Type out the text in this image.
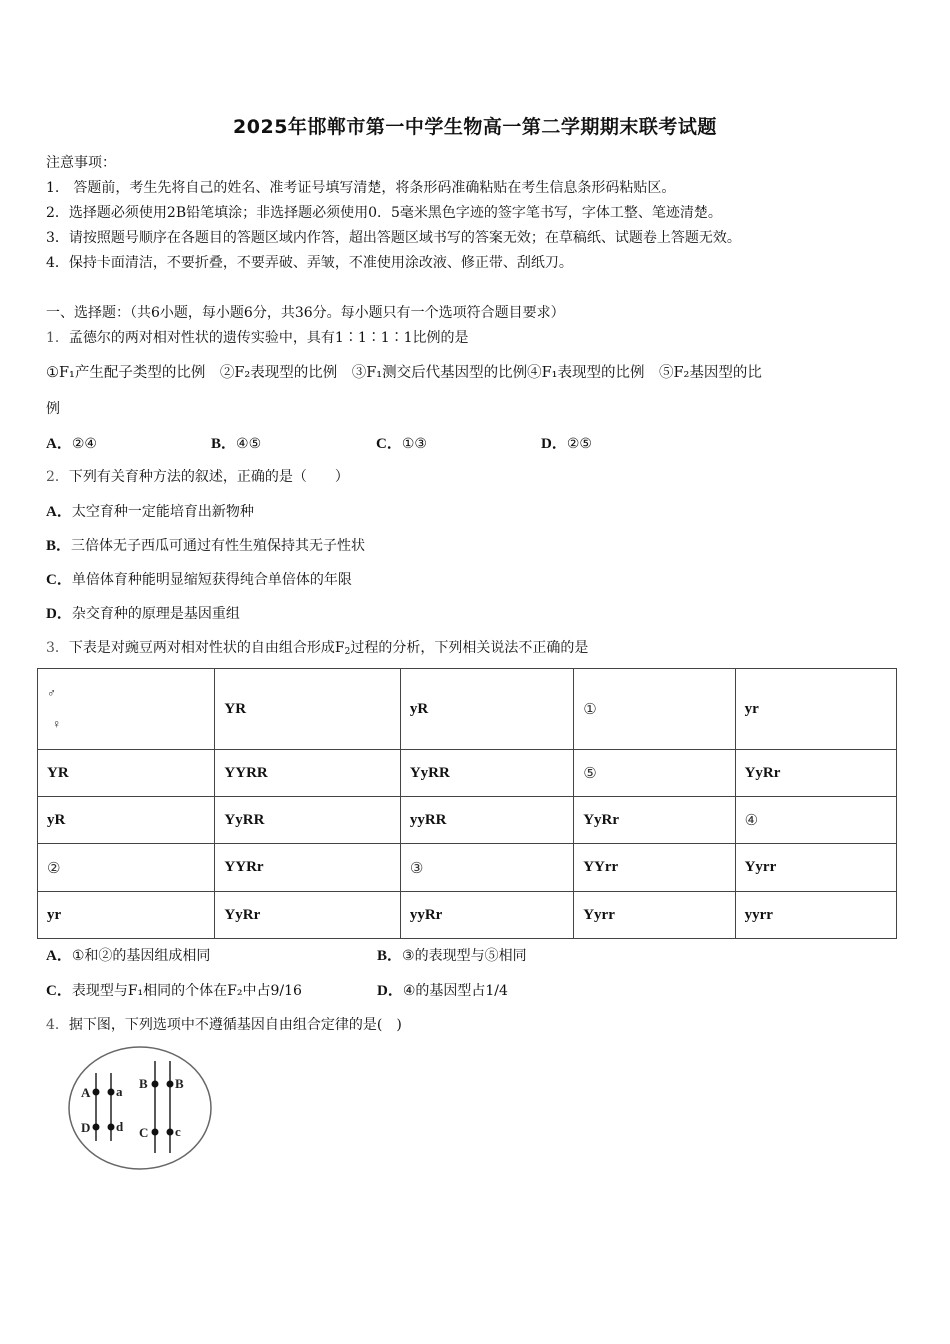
2025年邯郸市第一中学生物高一第二学期期末联考试题
注意事项：
1.　答题前，考生先将自己的姓名、准考证号填写清楚，将条形码准确粘贴在考生信息条形码粘贴区。
2．选择题必须使用2B铅笔填涂；非选择题必须使用0．5毫米黑色字迹的签字笔书写，字体工整、笔迹清楚。
3．请按照题号顺序在各题目的答题区域内作答，超出答题区域书写的答案无效；在草稿纸、试题卷上答题无效。
4．保持卡面清洁，不要折叠，不要弄破、弄皱，不准使用涂改液、修正带、刮纸刀。
一、选择题：（共6小题，每小题6分，共36分。每小题只有一个选项符合题目要求）
1．孟德尔的两对相对性状的遗传实验中，具有1∶1∶1∶1比例的是
①F₁产生配子类型的比例　②F₂表现型的比例　③F₁测交后代基因型的比例④F₁表现型的比例　⑤F₂基因型的比
例
A．②④	B．④⑤	C．①③	D．②⑤
2．下列有关育种方法的叙述，正确的是（　　）
A．太空育种一定能培育出新物种
B．三倍体无子西瓜可通过有性生殖保持其无子性状
C．单倍体育种能明显缩短获得纯合单倍体的年限
D．杂交育种的原理是基因重组
3．下表是对豌豆两对相对性状的自由组合形成$F_2$过程的分析，下列相关说法不正确的是
♂
♀	YR	yR	①	yr
YR	YYRR	YyRR	⑤	YyRr
yR	YyRR	yyRR	YyRr	④
②	YYRr	③	YYrr	Yyrr
yr	YyRr	yyRr	Yyrr	yyrr
A．①和②的基因组成相同	B．③的表现型与⑤相同
C．表现型与F₁相同的个体在F₂中占9/16	D．④的基因型占1/4
4．据下图，下列选项中不遵循基因自由组合定律的是(　)
A a
D d
B B
C c
